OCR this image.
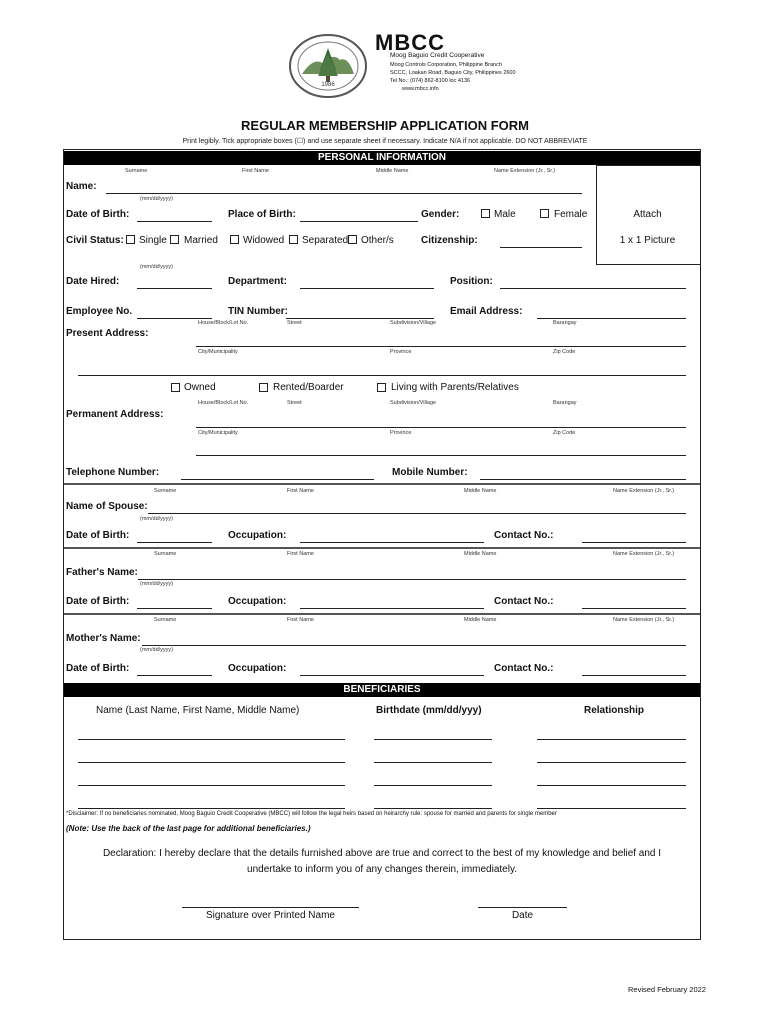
1986
MBCC
Moog Baguio Credit Cooperative
Moog Controls Corporation, Philippine Branch
SCCC, Loakan Road, Baguio City, Philippines 2600
Tel No.: (074) 862-8100 loc 4136
www.mbcc.info
REGULAR MEMBERSHIP APPLICATION FORM
Print legibly. Tick appropriate boxes (☐) and use separate sheet if necessary. Indicate N/A if not applicable. DO NOT ABBREVIATE
PERSONAL INFORMATION
Attach
1 x 1 Picture
Surname	First Name	Middle Name	Name Extension (Jr., Sr.)
Name:
(mm/dd/yyyy)
Date of Birth:	Place of Birth:	Gender:	Male	Female
Civil Status: Single Married	Widowed Separated Other/s	Citizenship:
(mm/dd/yyyy)
Date Hired:	Department:	Position:
Employee No.	TIN Number:	Email Address:
House/Block/Lot No.	Street	Subdivision/Village	Barangay
Present Address:
City/Municipality	Province	Zip Code
Owned	Rented/Boarder	Living with Parents/Relatives
House/Block/Lot No.	Street	Subdivision/Village	Barangay
Permanent Address:
City/Municipality	Province	Zip Code
Telephone Number:	Mobile Number:
Surname	First Name	Middle Name	Name Extension (Jr., Sr.)
Name of Spouse:
(mm/dd/yyyy)
Date of Birth:	Occupation:	Contact No.:
Surname	First Name	Middle Name	Name Extension (Jr., Sr.)
Father's Name:
(mm/dd/yyyy)
Date of Birth:	Occupation:	Contact No.:
Surname	First Name	Middle Name	Name Extension (Jr., Sr.)
Mother's Name:
(mm/dd/yyyy)
Date of Birth:	Occupation:	Contact No.:
BENEFICIARIES
Name (Last Name, First Name, Middle Name)	Birthdate (mm/dd/yyy)	Relationship
*Disclaimer: If no beneficiaries nominated, Moog Baguio Credit Cooperative (MBCC) will follow the legal heirs based on heirarchy rule: spouse for married and parents for single member
(Note: Use the back of the last page for additional beneficiaries.)
Declaration: I hereby declare that the details furnished above are true and correct to the best of my knowledge and belief and I
undertake to inform you of any changes therein, immediately.
Signature over Printed Name	Date
Revised February 2022
